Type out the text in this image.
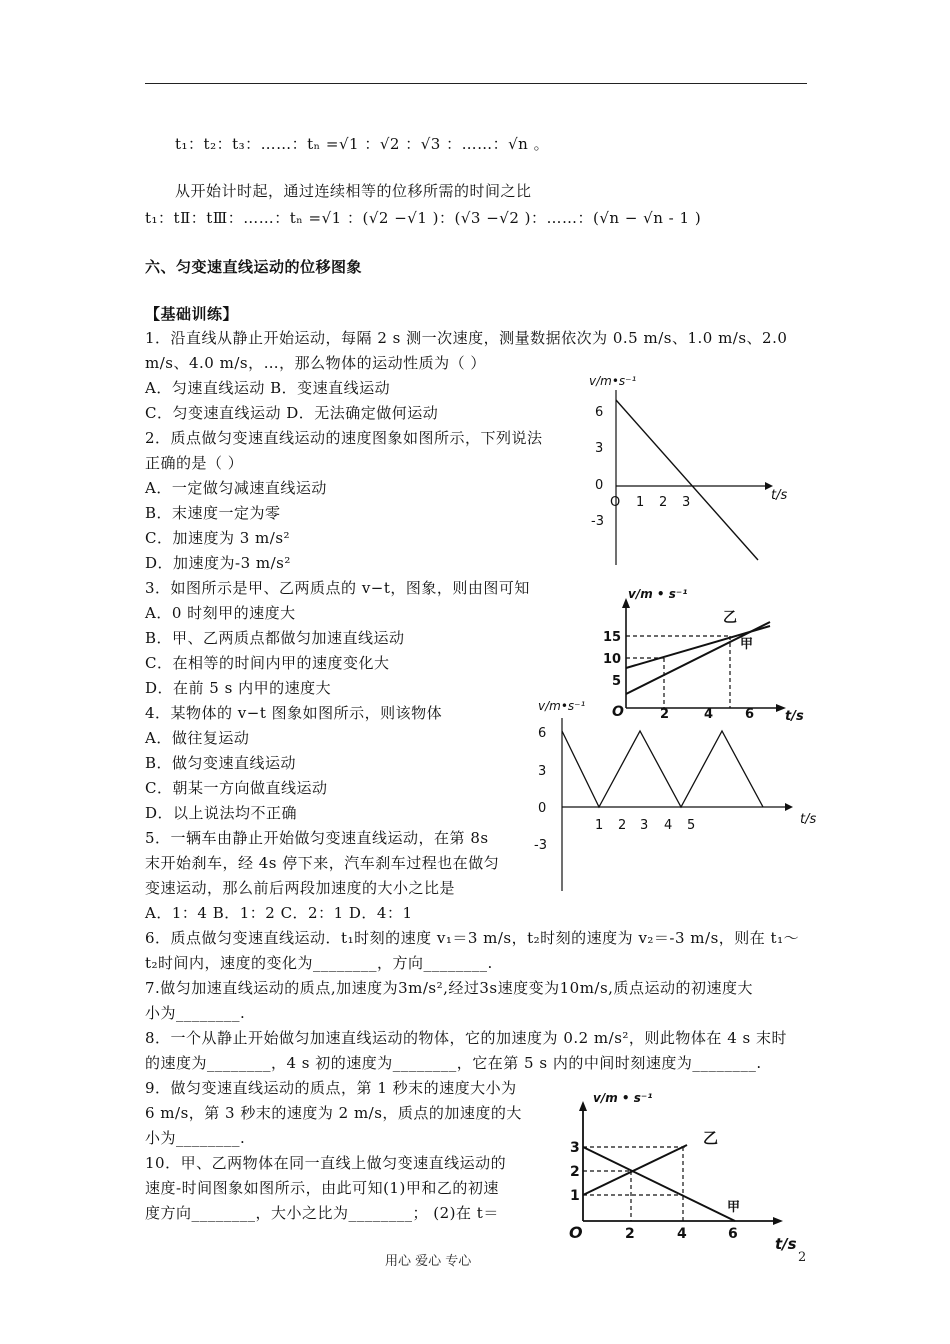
t₁：t₂：t₃：……：tₙ =√1 ：√2 ：√3 ：……：√n 。
从开始计时起，通过连续相等的位移所需的时间之比
t₁：tⅡ：tⅢ：……：tₙ =√1 ：(√2 −√1 )：(√3 −√2 )：……：(√n − √n - 1 )
六、匀变速直线运动的位移图象
【基础训练】
1．沿直线从静止开始运动，每隔 2 s 测一次速度，测量数据依次为 0.5 m/s、1.0 m/s、2.0
m/s、4.0 m/s，…，那么物体的运动性质为（ ）
A．匀速直线运动 B．变速直线运动
C．匀变速直线运动 D．无法确定做何运动
2．质点做匀变速直线运动的速度图象如图所示，下列说法
正确的是（ ）
A．一定做匀减速直线运动
B．末速度一定为零
C．加速度为 3 m/s²
D．加速度为-3 m/s²
3．如图所示是甲、乙两质点的 v−t，图象，则由图可知
A．0 时刻甲的速度大
B．甲、乙两质点都做匀加速直线运动
C．在相等的时间内甲的速度变化大
D．在前 5 s 内甲的速度大
4．某物体的 v−t 图象如图所示，则该物体
A．做往复运动
B．做匀变速直线运动
C．朝某一方向做直线运动
D．以上说法均不正确
5．一辆车由静止开始做匀变速直线运动，在第 8s
末开始刹车，经 4s 停下来，汽车刹车过程也在做匀
变速运动，那么前后两段加速度的大小之比是
A．1：4 B．1：2 C．2：1 D．4：1
6．质点做匀变速直线运动．t₁时刻的速度 v₁＝3 m/s，t₂时刻的速度为 v₂＝-3 m/s，则在 t₁～
t₂时间内，速度的变化为________，方向________.
7.做匀加速直线运动的质点,加速度为3m/s²,经过3s速度变为10m/s,质点运动的初速度大
小为________.
8．一个从静止开始做匀加速直线运动的物体，它的加速度为 0.2 m/s²，则此物体在 4 s 末时
的速度为________，4 s 初的速度为________，它在第 5 s 内的中间时刻速度为________.
9．做匀变速直线运动的质点，第 1 秒末的速度大小为
6 m/s，第 3 秒末的速度为 2 m/s，质点的加速度的大
小为________.
10．甲、乙两物体在同一直线上做匀变速直线运动的
速度-时间图象如图所示，由此可知(1)甲和乙的初速
度方向________，大小之比为________； (2)在 t＝
v/m•s⁻¹
6
3
0
-3
O 1 2 3	t/s
v/m • s⁻¹
15
10
5
O	2	4 6 t/s
乙
甲
v/m•s⁻¹
6
3
0
-3
1 2 3 4 5	t/s
v/m • s⁻¹
3
2
1
O	2	4	6
t/s
乙
甲
用心 爱心 专心	2
